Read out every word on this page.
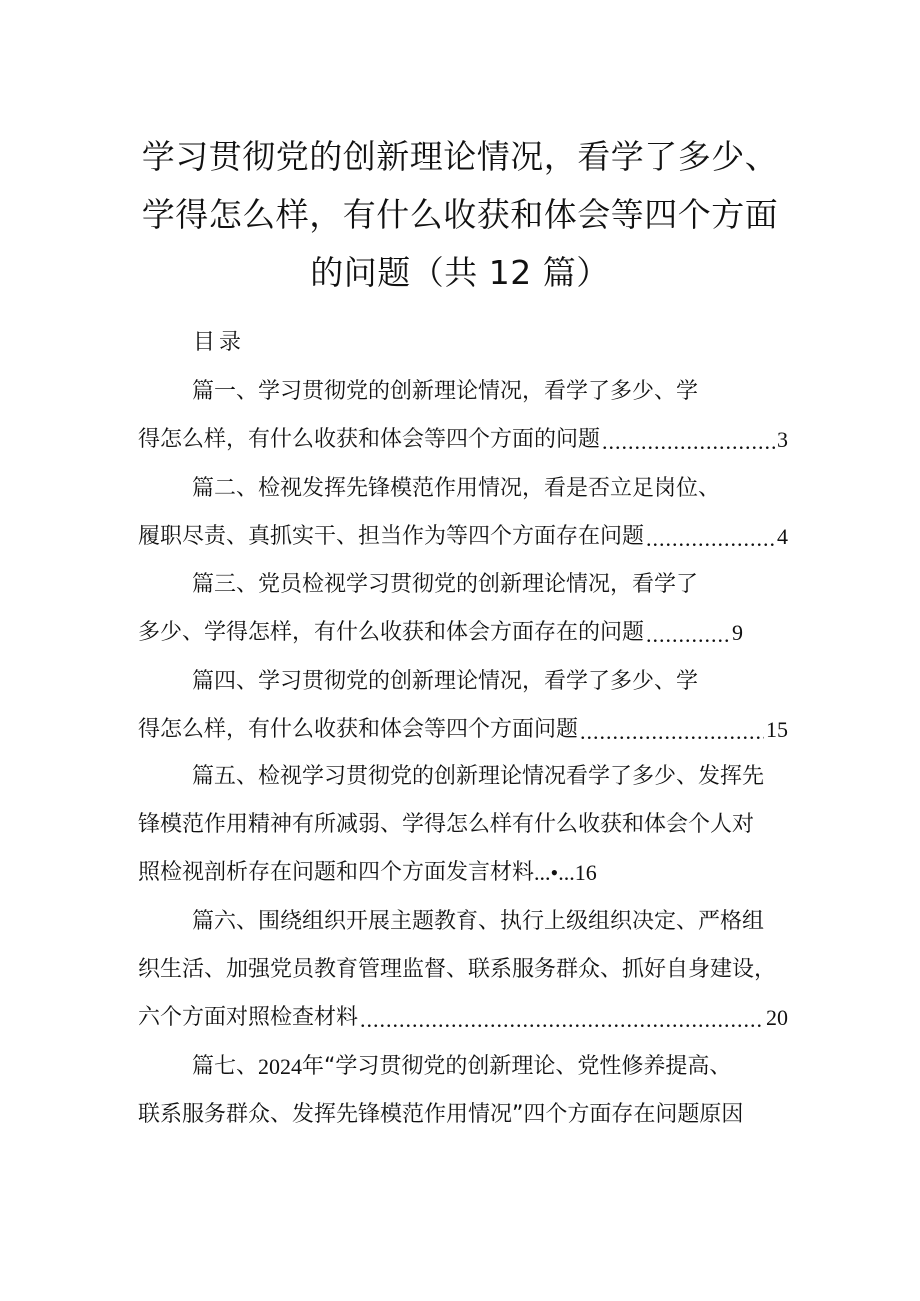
学习贯彻党的创新理论情况，看学了多少、
学得怎么样，有什么收获和体会等四个方面
的问题（共 12 篇）
目录
篇一、学习贯彻党的创新理论情况，看学了多少、学
得怎么样，有什么收获和体会等四个方面的问题 .....	3
篇二、检视发挥先锋模范作用情况，看是否立足岗位、
履职尽责、真抓实干、担当作为等四个方面存在问题 .....	4
篇三、党员检视学习贯彻党的创新理论情况，看学了
多少、学得怎样，有什么收获和体会方面存在的问题 .....	9
篇四、学习贯彻党的创新理论情况，看学了多少、学
得怎么样，有什么收获和体会等四个方面问题 .....	15
篇五、检视学习贯彻党的创新理论情况看学了多少、发挥先
锋模范作用精神有所减弱、学得怎么样有什么收获和体会个人对
照检视剖析存在问题和四个方面发言材料 ...•...16
篇六、围绕组织开展主题教育、执行上级组织决定、严格组
织生活、加强党员教育管理监督、联系服务群众、抓好自身建设，
六个方面对照检查材料 .....	20
篇七、 2024 年“学习贯彻党的创新理论、党性修养提高、
联系服务群众、发挥先锋模范作用情况”四个方面存在问题原因
